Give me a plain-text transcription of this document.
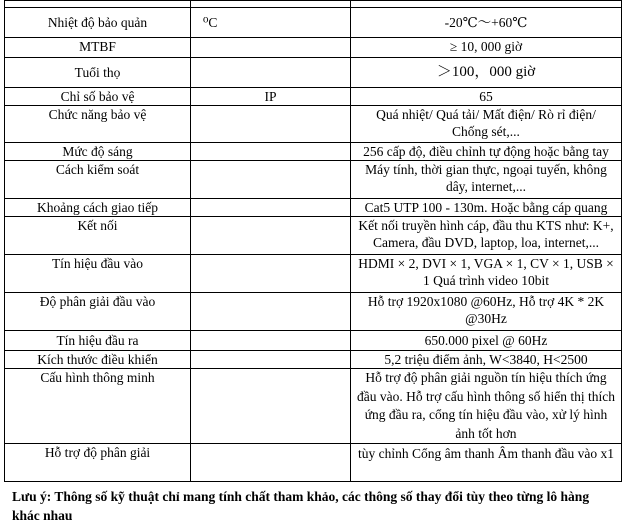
Nhiệt độ bảo quản	⁰C	-20℃～+60℃
MTBF		≥ 10, 000 giờ
Tuổi thọ		＞100，000 giờ
Chỉ số bảo vệ	IP	65
Chức năng bảo vệ		Quá nhiệt/ Quá tải/ Mất điện/ Rò rỉ điện/ Chống sét,...
Mức độ sáng		256 cấp độ, điều chỉnh tự động hoặc bằng tay
Cách kiểm soát		Máy tính, thời gian thực, ngoại tuyến, không dây, internet,...
Khoảng cách giao tiếp		Cat5 UTP 100 - 130m. Hoặc bằng cáp quang
Kết nối		Kết nối truyền hình cáp, đầu thu KTS như: K+, Camera, đầu DVD, laptop, loa, internet,...
Tín hiệu đầu vào		HDMI × 2, DVI × 1, VGA × 1, CV × 1, USB × 1 Quá trình video 10bit
Độ phân giải đầu vào		Hỗ trợ 1920x1080 @60Hz, Hỗ trợ 4K * 2K @30Hz
Tín hiệu đầu ra		650.000 pixel @ 60Hz
Kích thước điều khiển		5,2 triệu điểm ảnh, W<3840, H<2500
Cấu hình thông minh		Hỗ trợ độ phân giải nguồn tín hiệu thích ứng đầu vào. Hỗ trợ cấu hình thông số hiển thị thích ứng đầu ra, cổng tín hiệu đầu vào, xử lý hình ảnh tốt hơn
Hỗ trợ độ phân giải		tùy chỉnh Cổng âm thanh Âm thanh đầu vào x1
Lưu ý: Thông số kỹ thuật chỉ mang tính chất tham khảo, các thông số thay đổi tùy theo từng lô hàng khác nhau
